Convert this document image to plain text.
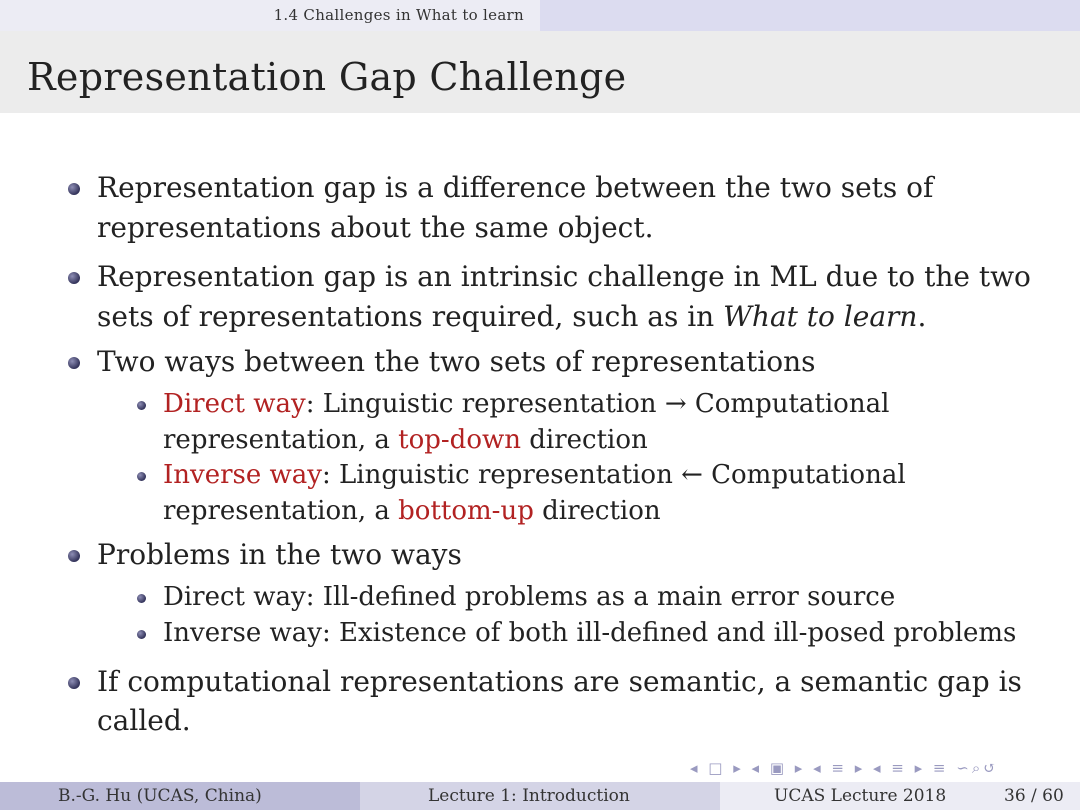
1.4 Challenges in What to learn
Representation Gap Challenge
Representation gap is a difference between the two sets of
representations about the same object.
Representation gap is an intrinsic challenge in ML due to the two
sets of representations required, such as in What to learn.
Two ways between the two sets of representations
Direct way: Linguistic representation → Computational
representation, a top-down direction
Inverse way: Linguistic representation ← Computational
representation, a bottom-up direction
Problems in the two ways
Direct way: Ill-defined problems as a main error source
Inverse way: Existence of both ill-defined and ill-posed problems
If computational representations are semantic, a semantic gap is
called.
◂ □ ▸ ◂ ▣ ▸ ◂ ≡ ▸ ◂ ≡ ▸ ≡ ∽⌕↺
B.-G. Hu (UCAS, China)	Lecture 1: Introduction	UCAS Lecture 2018	36 / 60
